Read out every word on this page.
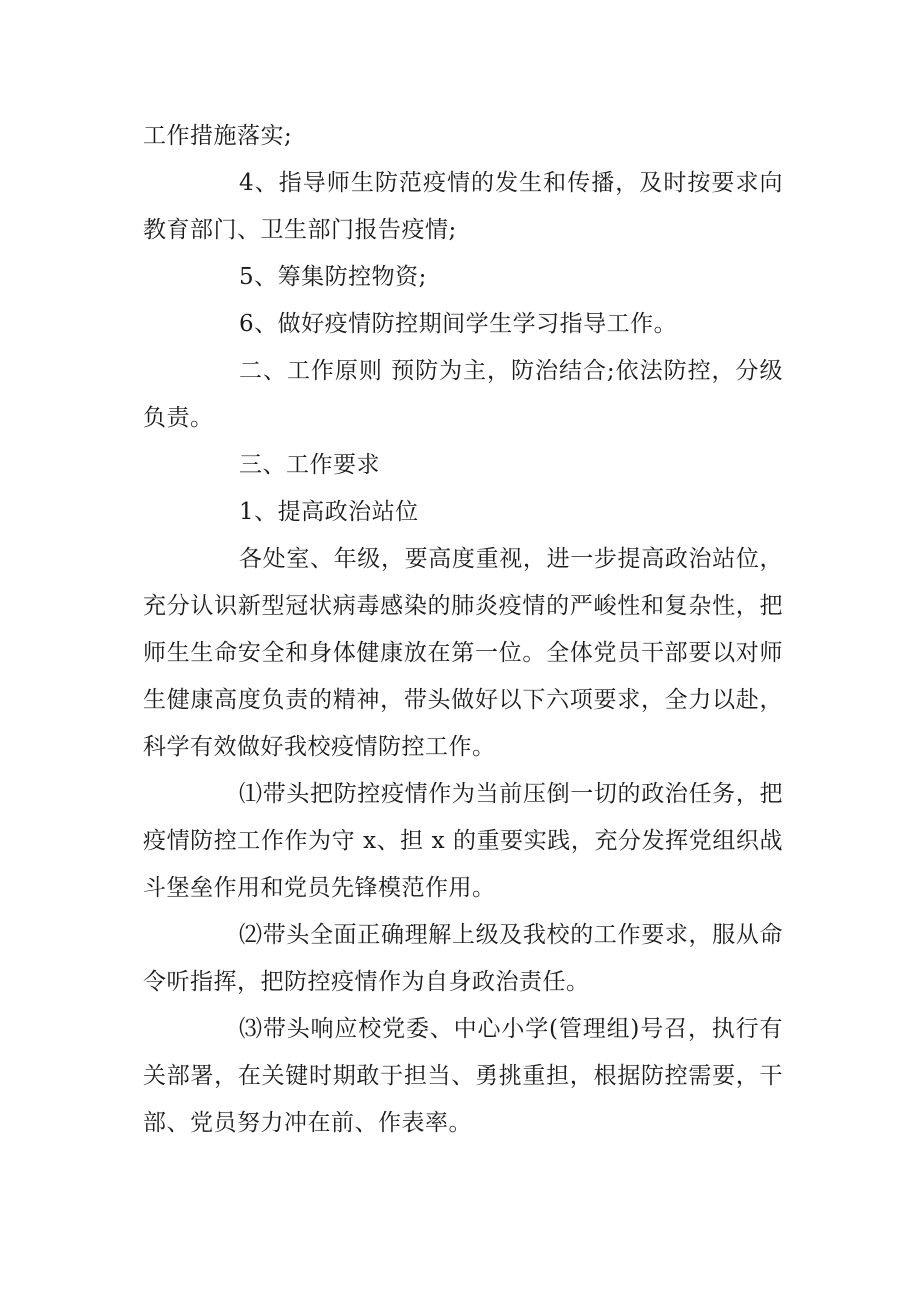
工作措施落实;

4、指导师生防范疫情的发生和传播，及时按要求向教育部门、卫生部门报告疫情;

5、筹集防控物资;

6、做好疫情防控期间学生学习指导工作。

二、工作原则 预防为主，防治结合;依法防控，分级负责。

三、工作要求

1、提高政治站位

各处室、年级，要高度重视，进一步提高政治站位，充分认识新型冠状病毒感染的肺炎疫情的严峻性和复杂性，把师生生命安全和身体健康放在第一位。全体党员干部要以对师生健康高度负责的精神，带头做好以下六项要求，全力以赴，科学有效做好我校疫情防控工作。

⑴带头把防控疫情作为当前压倒一切的政治任务，把疫情防控工作作为守 x、担 x 的重要实践，充分发挥党组织战斗堡垒作用和党员先锋模范作用。

⑵带头全面正确理解上级及我校的工作要求，服从命令听指挥，把防控疫情作为自身政治责任。

⑶带头响应校党委、中心小学(管理组)号召，执行有关部署，在关键时期敢于担当、勇挑重担，根据防控需要，干部、党员努力冲在前、作表率。
